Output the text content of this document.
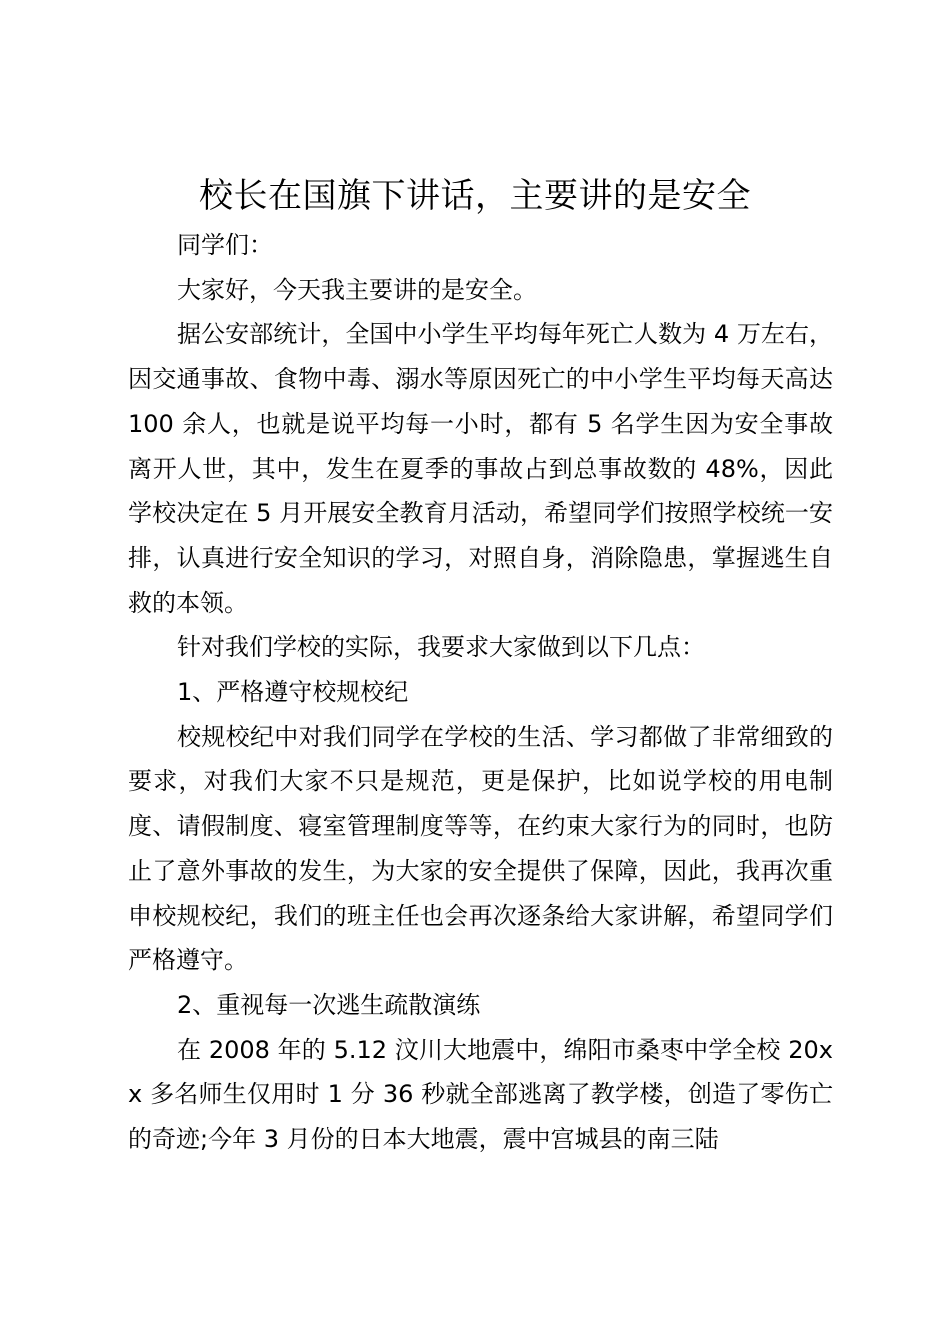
校长在国旗下讲话，主要讲的是安全

同学们：

大家好，今天我主要讲的是安全。

据公安部统计，全国中小学生平均每年死亡人数为 4 万左右，因交通事故、食物中毒、溺水等原因死亡的中小学生平均每天高达 100 余人，也就是说平均每一小时，都有 5 名学生因为安全事故离开人世，其中，发生在夏季的事故占到总事故数的 48%，因此学校决定在 5 月开展安全教育月活动，希望同学们按照学校统一安排，认真进行安全知识的学习，对照自身，消除隐患，掌握逃生自救的本领。

针对我们学校的实际，我要求大家做到以下几点：

1、严格遵守校规校纪

校规校纪中对我们同学在学校的生活、学习都做了非常细致的要求，对我们大家不只是规范，更是保护，比如说学校的用电制度、请假制度、寝室管理制度等等，在约束大家行为的同时，也防止了意外事故的发生，为大家的安全提供了保障，因此，我再次重申校规校纪，我们的班主任也会再次逐条给大家讲解，希望同学们严格遵守。

2、重视每一次逃生疏散演练

在 2008 年的 5.12 汶川大地震中，绵阳市桑枣中学全校 20xx 多名师生仅用时 1 分 36 秒就全部逃离了教学楼，创造了零伤亡的奇迹;今年 3 月份的日本大地震，震中宫城县的南三陆
